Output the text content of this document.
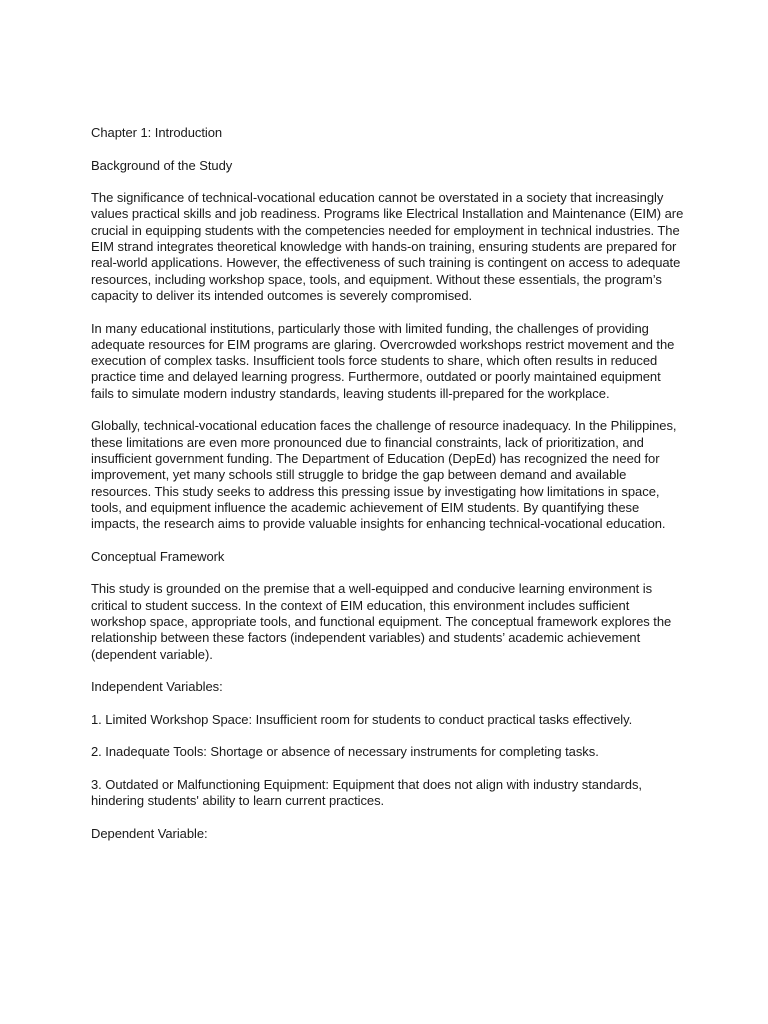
Chapter 1: Introduction

Background of the Study

The significance of technical-vocational education cannot be overstated in a society that increasingly values practical skills and job readiness. Programs like Electrical Installation and Maintenance (EIM) are crucial in equipping students with the competencies needed for employment in technical industries. The EIM strand integrates theoretical knowledge with hands-on training, ensuring students are prepared for real-world applications. However, the effectiveness of such training is contingent on access to adequate resources, including workshop space, tools, and equipment. Without these essentials, the program’s capacity to deliver its intended outcomes is severely compromised.

In many educational institutions, particularly those with limited funding, the challenges of providing adequate resources for EIM programs are glaring. Overcrowded workshops restrict movement and the execution of complex tasks. Insufficient tools force students to share, which often results in reduced practice time and delayed learning progress. Furthermore, outdated or poorly maintained equipment fails to simulate modern industry standards, leaving students ill-prepared for the workplace.

Globally, technical-vocational education faces the challenge of resource inadequacy. In the Philippines, these limitations are even more pronounced due to financial constraints, lack of prioritization, and insufficient government funding. The Department of Education (DepEd) has recognized the need for improvement, yet many schools still struggle to bridge the gap between demand and available resources. This study seeks to address this pressing issue by investigating how limitations in space, tools, and equipment influence the academic achievement of EIM students. By quantifying these impacts, the research aims to provide valuable insights for enhancing technical-vocational education.

Conceptual Framework

This study is grounded on the premise that a well-equipped and conducive learning environment is critical to student success. In the context of EIM education, this environment includes sufficient workshop space, appropriate tools, and functional equipment. The conceptual framework explores the relationship between these factors (independent variables) and students’ academic achievement (dependent variable).

Independent Variables:

1. Limited Workshop Space: Insufficient room for students to conduct practical tasks effectively.

2. Inadequate Tools: Shortage or absence of necessary instruments for completing tasks.

3. Outdated or Malfunctioning Equipment: Equipment that does not align with industry standards, hindering students' ability to learn current practices.

Dependent Variable:
